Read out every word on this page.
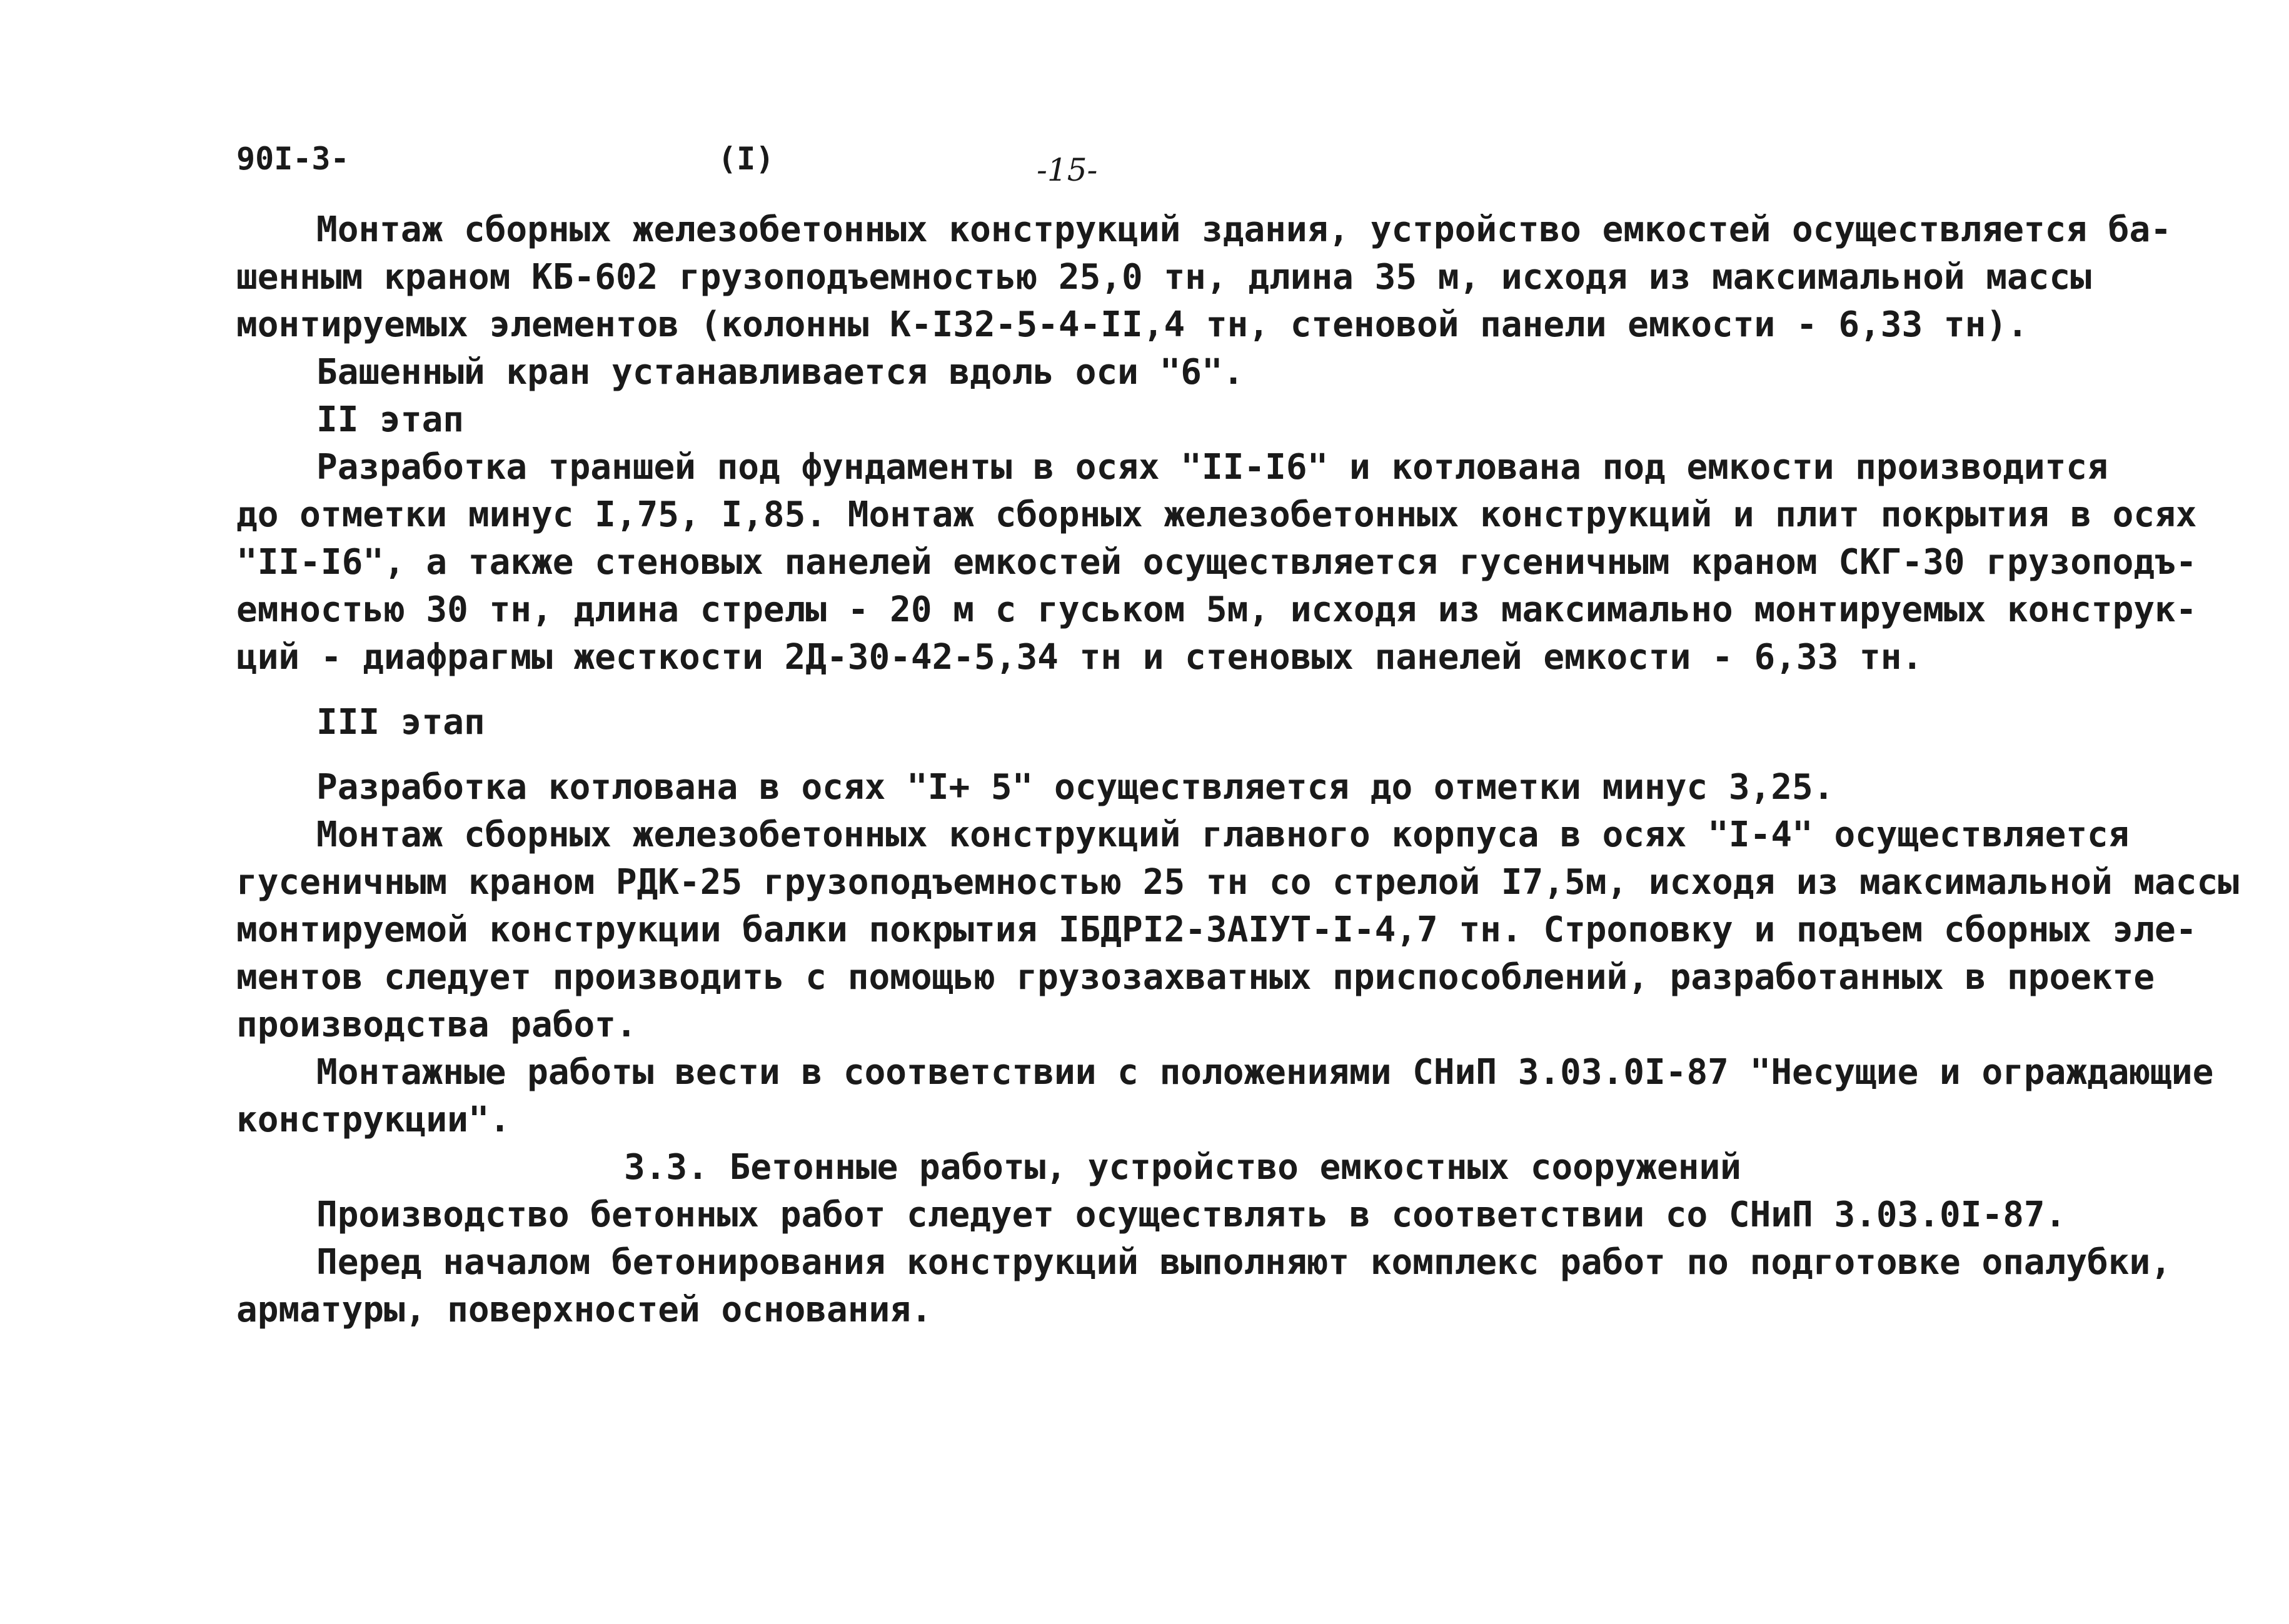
90I-3-	(I)	-15-
Монтаж сборных железобетонных конструкций здания, устройство емкостей осуществляется ба-
шенным краном КБ-602 грузоподъемностью 25,0 тн, длина 35 м, исходя из максимальной массы
монтируемых элементов (колонны К-I32-5-4-II,4 тн, стеновой панели емкости - 6,33 тн).
Башенный кран устанавливается вдоль оси "6".
II этап
Разработка траншей под фундаменты в осях "II-I6" и котлована под емкости производится
до отметки минус I,75, I,85. Монтаж сборных железобетонных конструкций и плит покрытия в осях
"II-I6", а также стеновых панелей емкостей осуществляется гусеничным краном СКГ-30 грузоподъ-
емностью 30 тн, длина стрелы - 20 м с гуськом 5м, исходя из максимально монтируемых конструк-
ций - диафрагмы жесткости 2Д-30-42-5,34 тн и стеновых панелей емкости - 6,33 тн.
III этап
Разработка котлована в осях "I+ 5" осуществляется до отметки минус 3,25.
Монтаж сборных железобетонных конструкций главного корпуса в осях "I-4" осуществляется
гусеничным краном РДК-25 грузоподъемностью 25 тн со стрелой I7,5м, исходя из максимальной массы
монтируемой конструкции балки покрытия IБДРI2-3АIУТ-I-4,7 тн. Строповку и подъем сборных эле-
ментов следует производить с помощью грузозахватных приспособлений, разработанных в проекте
производства работ.
Монтажные работы вести в соответствии с положениями СНиП 3.03.0I-87 "Несущие и ограждающие
конструкции".
3.3. Бетонные работы, устройство емкостных сооружений
Производство бетонных работ следует осуществлять в соответствии со СНиП 3.03.0I-87.
Перед началом бетонирования конструкций выполняют комплекс работ по подготовке опалубки,
арматуры, поверхностей основания.
